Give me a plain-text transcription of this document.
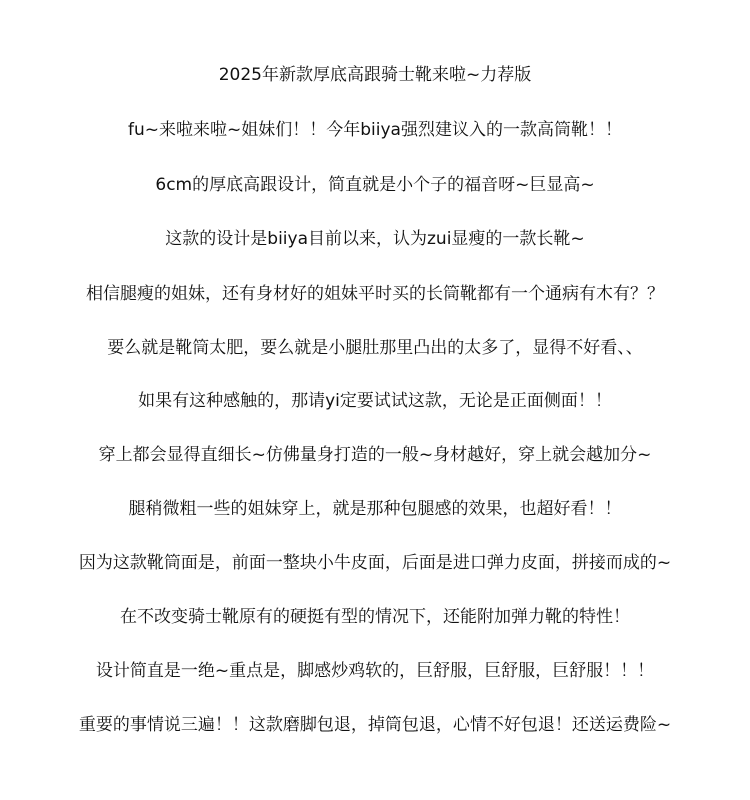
2025年新款厚底高跟骑士靴来啦~力荐版
fu~来啦来啦~姐妹们！！今年biiya强烈建议入的一款高筒靴！！
6cm的厚底高跟设计，简直就是小个子的福音呀~巨显高~
这款的设计是biiya目前以来，认为zui显瘦的一款长靴~
相信腿瘦的姐妹，还有身材好的姐妹平时买的长筒靴都有一个通病有木有？？
要么就是靴筒太肥，要么就是小腿肚那里凸出的太多了，显得不好看、、
如果有这种感触的，那请yi定要试试这款，无论是正面侧面！！
穿上都会显得直细长~仿佛量身打造的一般~身材越好，穿上就会越加分~
腿稍微粗一些的姐妹穿上，就是那种包腿感的效果，也超好看！！
因为这款靴筒面是，前面一整块小牛皮面，后面是进口弹力皮面，拼接而成的~
在不改变骑士靴原有的硬挺有型的情况下，还能附加弹力靴的特性！
设计简直是一绝~重点是，脚感炒鸡软的，巨舒服，巨舒服，巨舒服！！！
重要的事情说三遍！！这款磨脚包退，掉筒包退，心情不好包退！还送运费险~
